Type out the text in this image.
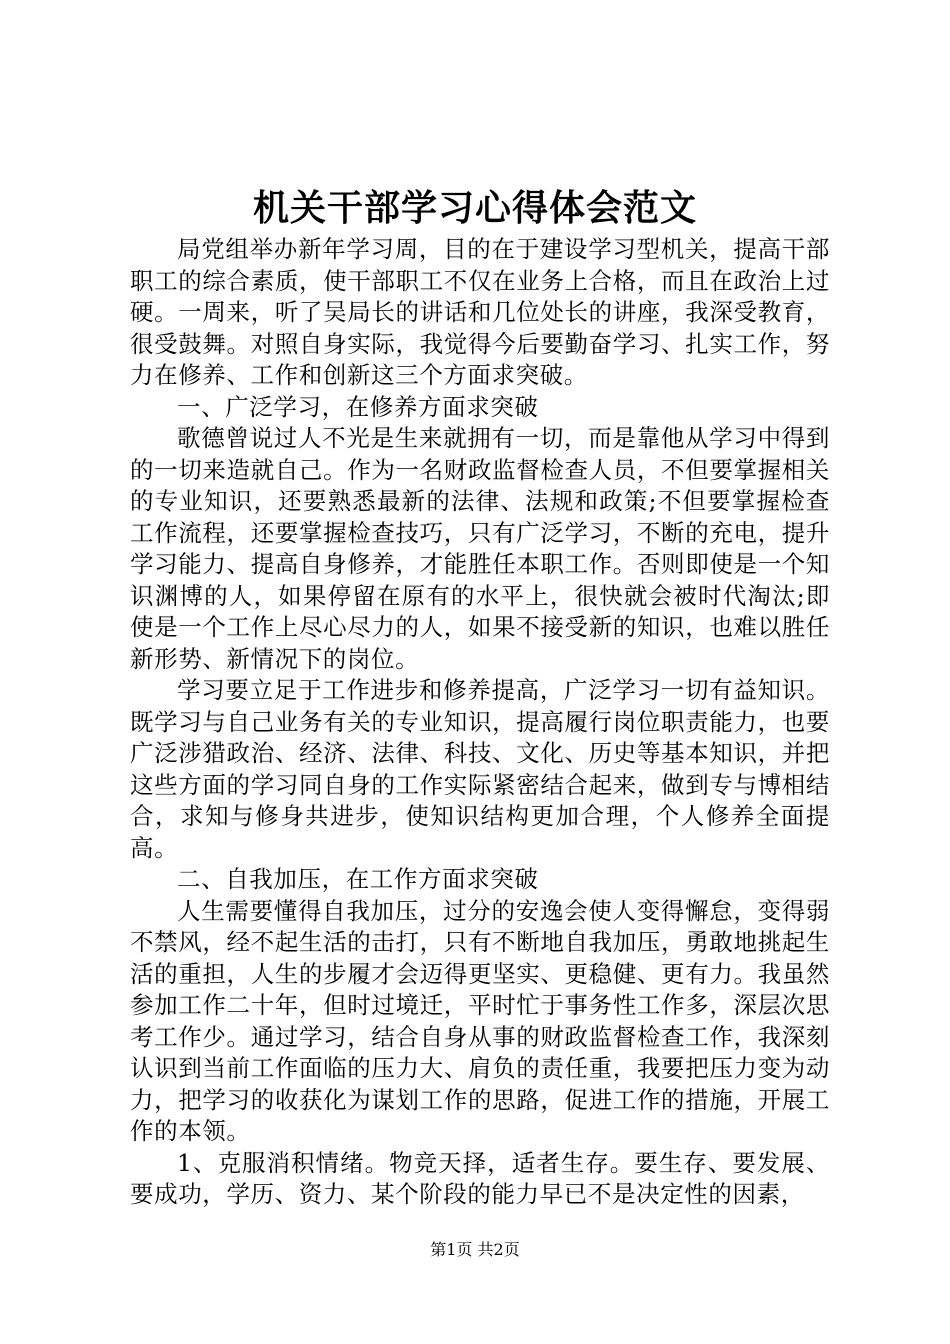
机关干部学习心得体会范文

局党组举办新年学习周，目的在于建设学习型机关，提高干部职工的综合素质，使干部职工不仅在业务上合格，而且在政治上过硬。一周来，听了吴局长的讲话和几位处长的讲座，我深受教育，很受鼓舞。对照自身实际，我觉得今后要勤奋学习、扎实工作，努力在修养、工作和创新这三个方面求突破。

一、广泛学习，在修养方面求突破

歌德曾说过人不光是生来就拥有一切，而是靠他从学习中得到的一切来造就自己。作为一名财政监督检查人员，不但要掌握相关的专业知识，还要熟悉最新的法律、法规和政策;不但要掌握检查工作流程，还要掌握检查技巧，只有广泛学习，不断的充电，提升学习能力、提高自身修养，才能胜任本职工作。否则即使是一个知识渊博的人，如果停留在原有的水平上，很快就会被时代淘汰;即使是一个工作上尽心尽力的人，如果不接受新的知识，也难以胜任新形势、新情况下的岗位。

学习要立足于工作进步和修养提高，广泛学习一切有益知识。既学习与自己业务有关的专业知识，提高履行岗位职责能力，也要广泛涉猎政治、经济、法律、科技、文化、历史等基本知识，并把这些方面的学习同自身的工作实际紧密结合起来，做到专与博相结合，求知与修身共进步，使知识结构更加合理，个人修养全面提高。

二、自我加压，在工作方面求突破

人生需要懂得自我加压，过分的安逸会使人变得懈怠，变得弱不禁风，经不起生活的击打，只有不断地自我加压，勇敢地挑起生活的重担，人生的步履才会迈得更坚实、更稳健、更有力。我虽然参加工作二十年，但时过境迁，平时忙于事务性工作多，深层次思考工作少。通过学习，结合自身从事的财政监督检查工作，我深刻认识到当前工作面临的压力大、肩负的责任重，我要把压力变为动力，把学习的收获化为谋划工作的思路，促进工作的措施，开展工作的本领。

1、克服消积情绪。物竞天择，适者生存。要生存、要发展、要成功，学历、资力、某个阶段的能力早已不是决定性的因素，

第1页 共2页
